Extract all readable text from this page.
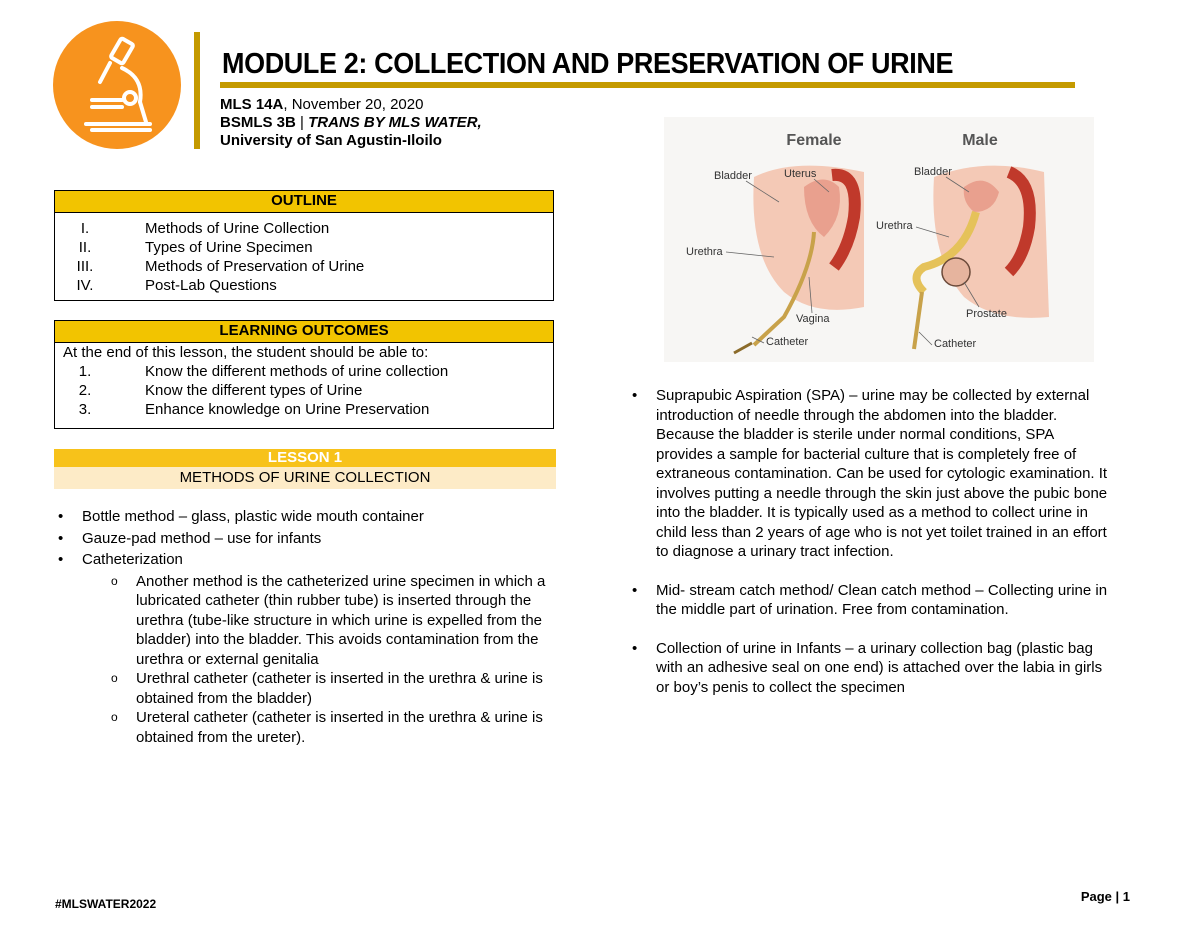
MODULE 2: COLLECTION AND PRESERVATION OF URINE
MLS 14A, November 20, 2020
BSMLS 3B | TRANS BY MLS WATER,
University of San Agustin-Iloilo
OUTLINE
I.	Methods of Urine Collection
II.	Types of Urine Specimen
III.	Methods of Preservation of Urine
IV.	Post-Lab Questions
LEARNING OUTCOMES
At the end of this lesson, the student should be able to:
1.	Know the different methods of urine collection
2.	Know the different types of Urine
3.	Enhance knowledge on Urine Preservation
LESSON 1
METHODS OF URINE COLLECTION
• Bottle method – glass, plastic wide mouth container
• Gauze-pad method – use for infants
• Catheterization
o Another method is the catheterized urine specimen in which a lubricated catheter (thin rubber tube) is inserted through the urethra (tube-like structure in which urine is expelled from the bladder) into the bladder. This avoids contamination from the urethra or external genitalia
o Urethral catheter (catheter is inserted in the urethra & urine is obtained from the bladder)
o Ureteral catheter (catheter is inserted in the urethra & urine is obtained from the ureter).
Female	Male
Bladder	Uterus
Urethra
Vagina
Catheter
Bladder
Urethra
Prostate
Catheter
• Suprapubic Aspiration (SPA) – urine may be collected by external introduction of needle through the abdomen into the bladder. Because the bladder is sterile under normal conditions, SPA provides a sample for bacterial culture that is completely free of extraneous contamination. Can be used for cytologic examination. It involves putting a needle through the skin just above the pubic bone into the bladder. It is typically used as a method to collect urine in child less than 2 years of age who is not yet toilet trained in an effort to diagnose a urinary tract infection.
• Mid- stream catch method/ Clean catch method – Collecting urine in the middle part of urination. Free from contamination.
• Collection of urine in Infants – a urinary collection bag (plastic bag with an adhesive seal on one end) is attached over the labia in girls or boy’s penis to collect the specimen
#MLSWATER2022	Page | 1
